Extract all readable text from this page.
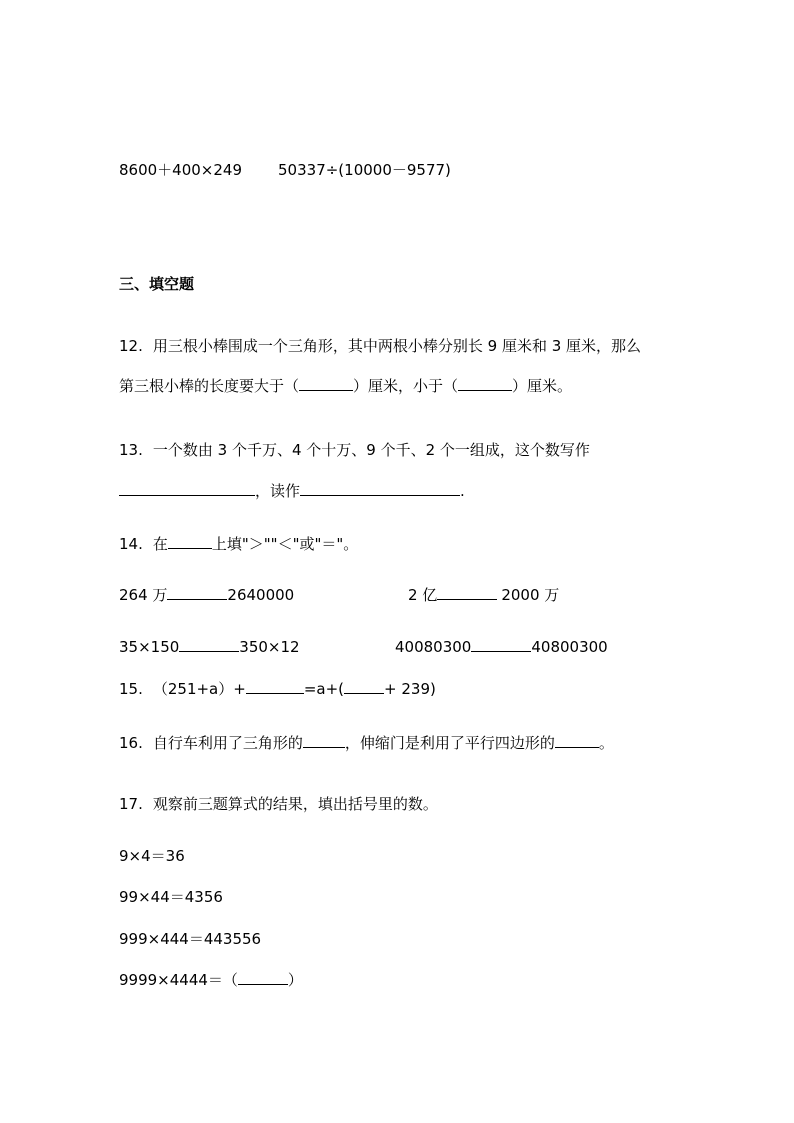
8600＋400×249 50337÷(10000－9577)
三、填空题
12. 用三根小棒围成一个三角形，其中两根小棒分别长 9 厘米和 3 厘米，那么
第三根小棒的长度要大于（	）厘米，小于（	）厘米。
13. 一个数由 3 个千万、4 个十万、9 个千、2 个一组成，这个数写作
，读作	.
14. 在	上填"＞""＜"或"＝"。
264 万	2640000	2 亿	2000 万
35×150	350×12	40080300	40800300
15. （251+a）+	=a+(	+ 239)
16. 自行车利用了三角形的	，伸缩门是利用了平行四边形的	。
17. 观察前三题算式的结果，填出括号里的数。
9×4＝36
99×44＝4356
999×444＝443556
9999×4444＝（	）
